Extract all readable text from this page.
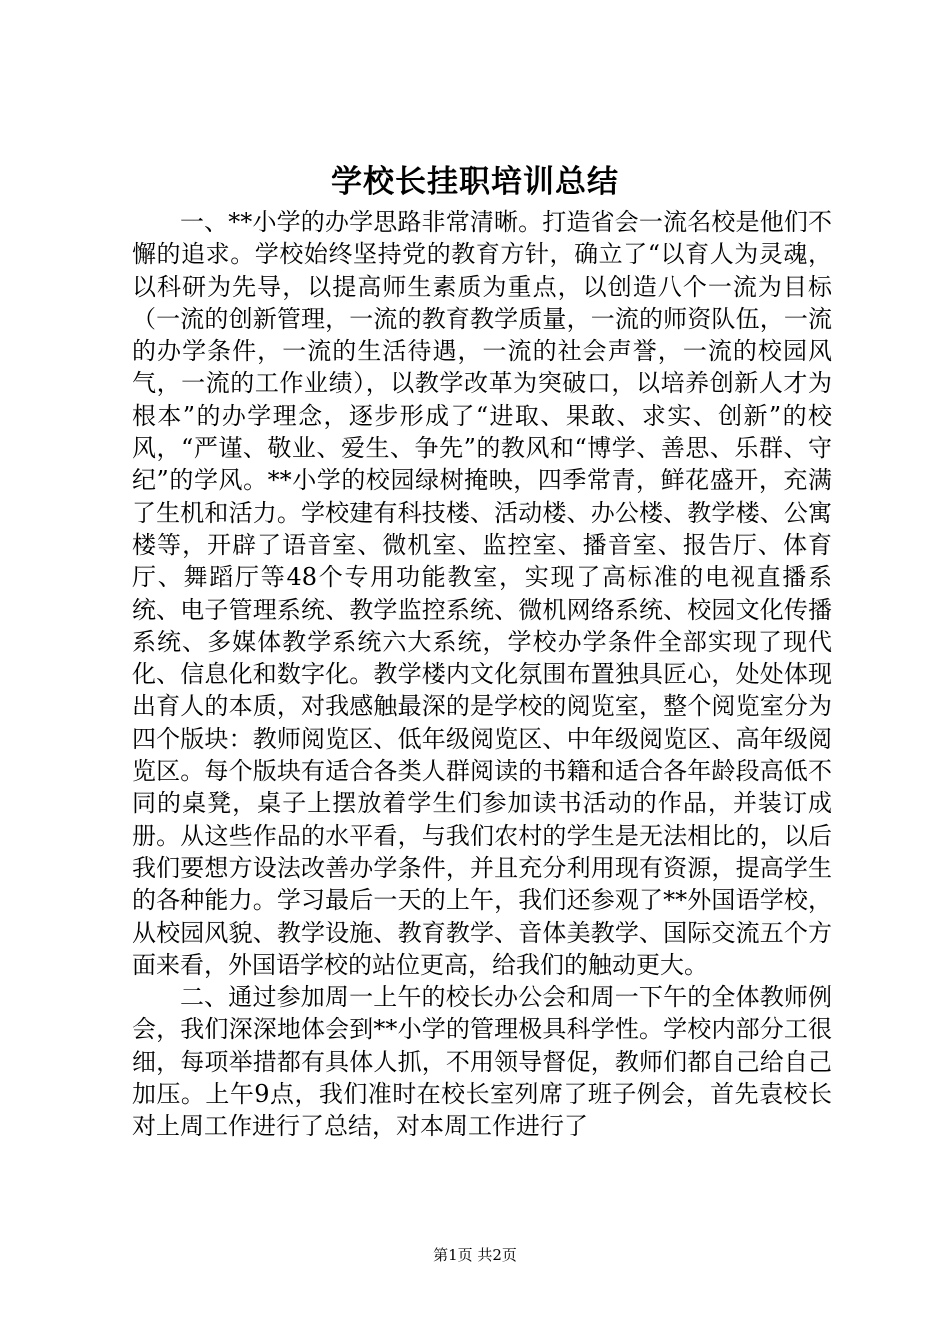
学校长挂职培训总结

一、**小学的办学思路非常清晰。打造省会一流名校是他们不懈的追求。学校始终坚持党的教育方针，确立了“以育人为灵魂，以科研为先导，以提高师生素质为重点，以创造八个一流为目标（一流的创新管理，一流的教育教学质量，一流的师资队伍，一流的办学条件，一流的生活待遇，一流的社会声誉，一流的校园风气，一流的工作业绩），以教学改革为突破口，以培养创新人才为根本”的办学理念，逐步形成了“进取、果敢、求实、创新”的校风，“严谨、敬业、爱生、争先”的教风和“博学、善思、乐群、守纪”的学风。**小学的校园绿树掩映，四季常青，鲜花盛开，充满了生机和活力。学校建有科技楼、活动楼、办公楼、教学楼、公寓楼等，开辟了语音室、微机室、监控室、播音室、报告厅、体育厅、舞蹈厅等48个专用功能教室，实现了高标准的电视直播系统、电子管理系统、教学监控系统、微机网络系统、校园文化传播系统、多媒体教学系统六大系统，学校办学条件全部实现了现代化、信息化和数字化。教学楼内文化氛围布置独具匠心，处处体现出育人的本质，对我感触最深的是学校的阅览室，整个阅览室分为四个版块：教师阅览区、低年级阅览区、中年级阅览区、高年级阅览区。每个版块有适合各类人群阅读的书籍和适合各年龄段高低不同的桌凳，桌子上摆放着学生们参加读书活动的作品，并装订成册。从这些作品的水平看，与我们农村的学生是无法相比的，以后我们要想方设法改善办学条件，并且充分利用现有资源，提高学生的各种能力。学习最后一天的上午，我们还参观了**外国语学校，从校园风貌、教学设施、教育教学、音体美教学、国际交流五个方面来看，外国语学校的站位更高，给我们的触动更大。

二、通过参加周一上午的校长办公会和周一下午的全体教师例会，我们深深地体会到**小学的管理极具科学性。学校内部分工很细，每项举措都有具体人抓，不用领导督促，教师们都自己给自己加压。上午9点，我们准时在校长室列席了班子例会，首先袁校长对上周工作进行了总结，对本周工作进行了

第1页 共2页
